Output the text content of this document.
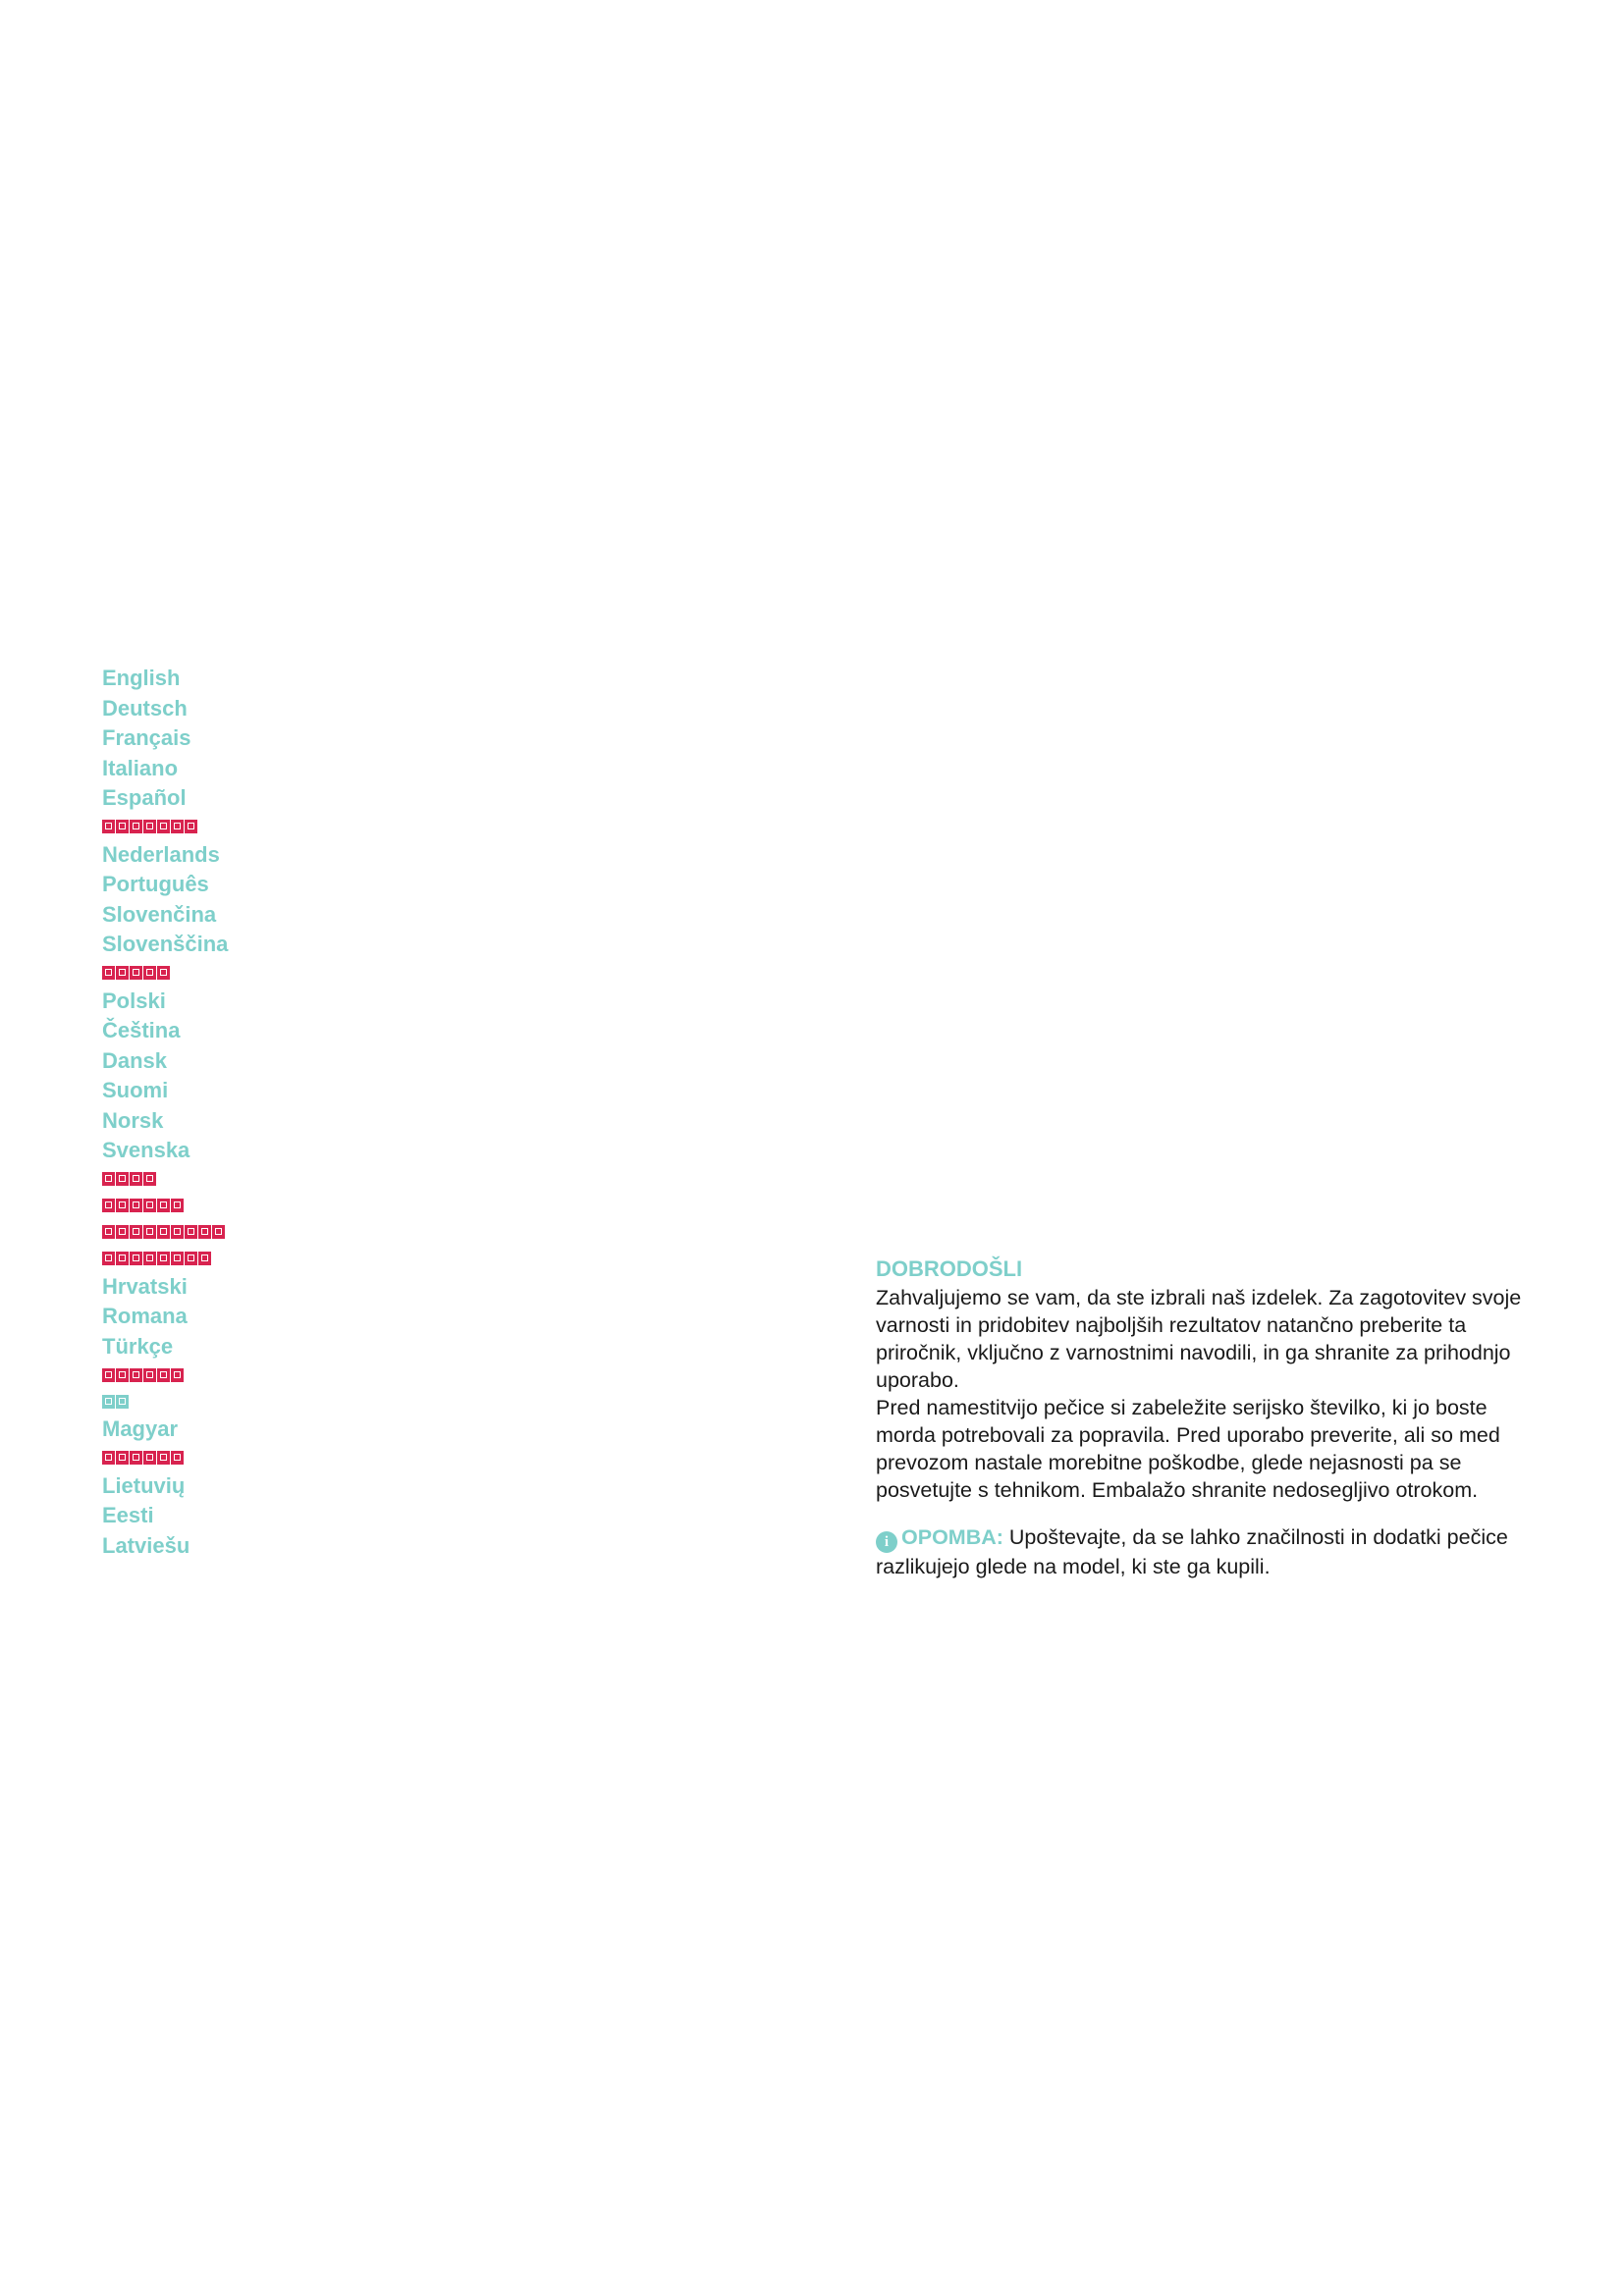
English
Deutsch
Français
Italiano
Español
Nederlands
Português
Slovenčina
Slovenščina
Polski
Čeština
Dansk
Suomi
Norsk
Svenska
Hrvatski
Romana
Türkçe
Magyar
Lietuvių
Eesti
Latviešu
DOBRODOŠLI

Zahvaljujemo se vam, da ste izbrali naš izdelek. Za zagotovitev svoje
varnosti in pridobitev najboljših rezultatov natančno preberite ta
priročnik, vključno z varnostnimi navodili, in ga shranite za prihodnjo
uporabo.

Pred namestitvijo pečice si zabeležite serijsko številko, ki jo boste
morda potrebovali za popravila. Pred uporabo preverite, ali so med
prevozom nastale morebitne poškodbe, glede nejasnosti pa se
posvetujte s tehnikom. Embalažo shranite nedosegljivo otrokom.

i OPOMBA: Upoštevajte, da se lahko značilnosti in dodatki pečice
razlikujejo glede na model, ki ste ga kupili.
